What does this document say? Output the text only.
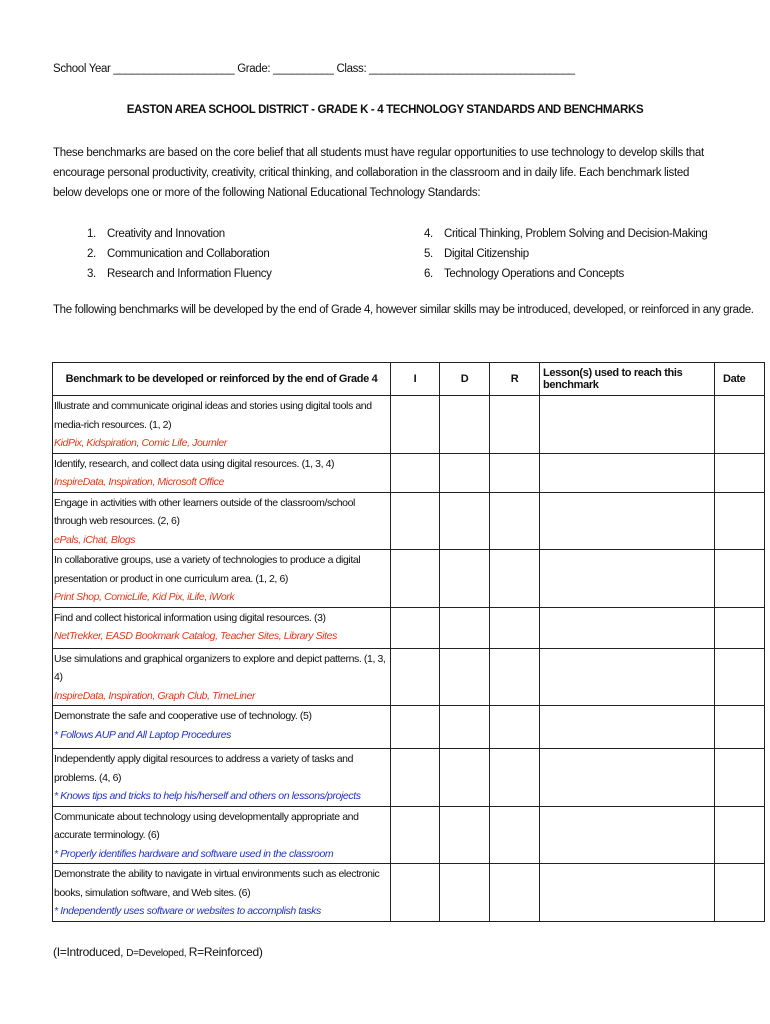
School Year ____________________ Grade: __________ Class: __________________________________
EASTON AREA SCHOOL DISTRICT - GRADE K - 4 TECHNOLOGY STANDARDS AND BENCHMARKS
These benchmarks are based on the core belief that all students must have regular opportunities to use technology to develop skills that encourage personal productivity, creativity, critical thinking, and collaboration in the classroom and in daily life. Each benchmark listed below develops one or more of the following National Educational Technology Standards:
1. Creativity and Innovation
2. Communication and Collaboration
3. Research and Information Fluency
4. Critical Thinking, Problem Solving and Decision-Making
5. Digital Citizenship
6. Technology Operations and Concepts
The following benchmarks will be developed by the end of Grade 4, however similar skills may be introduced, developed, or reinforced in any grade.
Benchmark to be developed or reinforced by the end of Grade 4	I	D	R	Lesson(s) used to reach this benchmark	Date

Illustrate and communicate original ideas and stories using digital tools and media-rich resources. (1, 2)
KidPix, Kidspiration, Comic Life, Journler					

Identify, research, and collect data using digital resources. (1, 3, 4)
InspireData, Inspiration, Microsoft Office					

Engage in activities with other learners outside of the classroom/school through web resources. (2, 6)
ePals, iChat, Blogs					

In collaborative groups, use a variety of technologies to produce a digital presentation or product in one curriculum area. (1, 2, 6)
Print Shop, ComicLife, Kid Pix, iLife, iWork					

Find and collect historical information using digital resources. (3)
NetTrekker, EASD Bookmark Catalog, Teacher Sites, Library Sites					

Use simulations and graphical organizers to explore and depict patterns. (1, 3, 4)
InspireData, Inspiration, Graph Club, TimeLiner					

Demonstrate the safe and cooperative use of technology. (5)
* Follows AUP and All Laptop Procedures					

Independently apply digital resources to address a variety of tasks and problems. (4, 6)
* Knows tips and tricks to help his/herself and others on lessons/projects					

Communicate about technology using developmentally appropriate and accurate terminology. (6)
* Properly identifies hardware and software used in the classroom					

Demonstrate the ability to navigate in virtual environments such as electronic books, simulation software, and Web sites. (6)
* Independently uses software or websites to accomplish tasks					

(I=Introduced, D=Developed, R=Reinforced)
